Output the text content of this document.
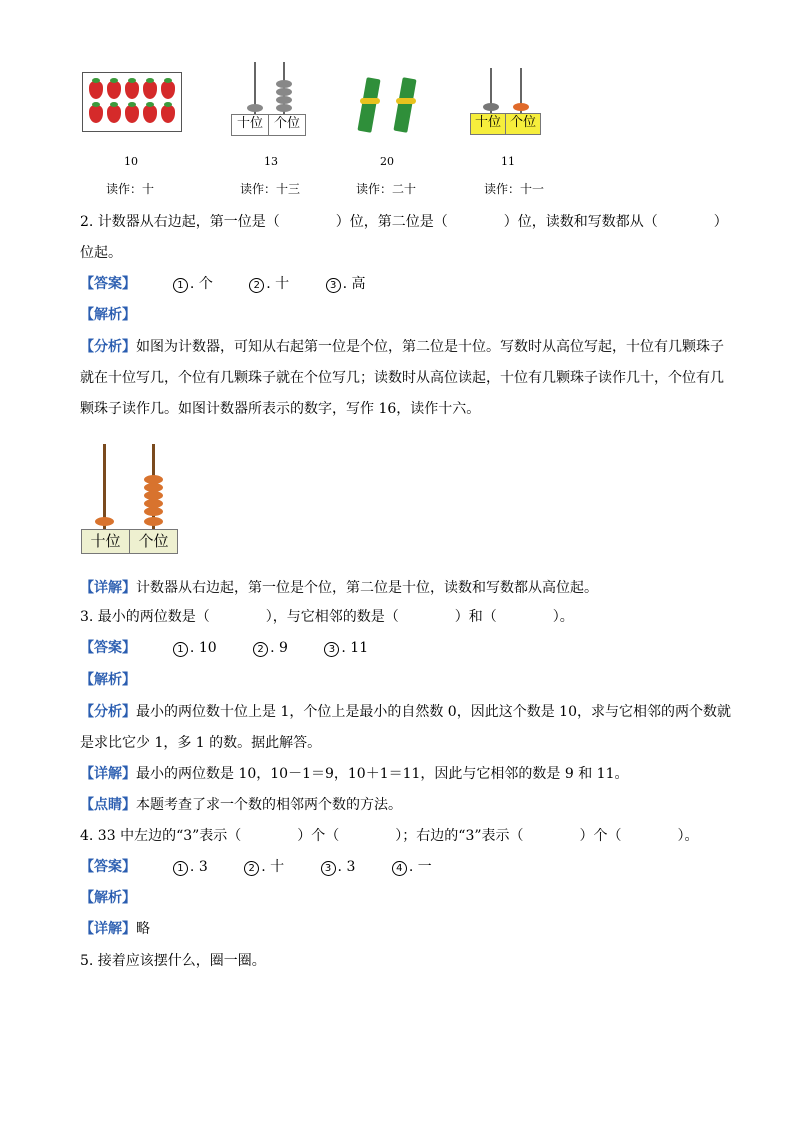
十位 个位	十位 个位
10	13	20	11
读作：十	读作：十三	读作：二十	读作：十一
2. 计数器从右边起，第一位是（　　　　）位，第二位是（　　　　）位，读数和写数都从（　　　　）
位起。
【答案】	1 . 个	2 . 十	3 . 高
【解析】
【分析】如图为计数器，可知从右起第一位是个位，第二位是十位。写数时从高位写起，十位有几颗珠子
就在十位写几，个位有几颗珠子就在个位写几；读数时从高位读起，十位有几颗珠子读作几十，个位有几
颗珠子读作几。如图计数器所表示的数字，写作 16，读作十六。
十位	个位
【详解】计数器从右边起，第一位是个位，第二位是十位，读数和写数都从高位起。
3. 最小的两位数是（　　　　），与它相邻的数是（　　　　）和（　　　　）。
【答案】	1 . 10	2 . 9	3 . 11
【解析】
【分析】最小的两位数十位上是 1，个位上是最小的自然数 0，因此这个数是 10，求与它相邻的两个数就
是求比它少 1，多 1 的数。据此解答。
【详解】最小的两位数是 10，10－1＝9，10＋1＝11，因此与它相邻的数是 9 和 11。
【点睛】本题考查了求一个数的相邻两个数的方法。
4. 33 中左边的“3”表示（　　　　）个（　　　　）；右边的“3”表示（　　　　）个（　　　　）。
【答案】	1 . 3	2 . 十	3 . 3	4 . 一
【解析】
【详解】略
5. 接着应该摆什么，圈一圈。
